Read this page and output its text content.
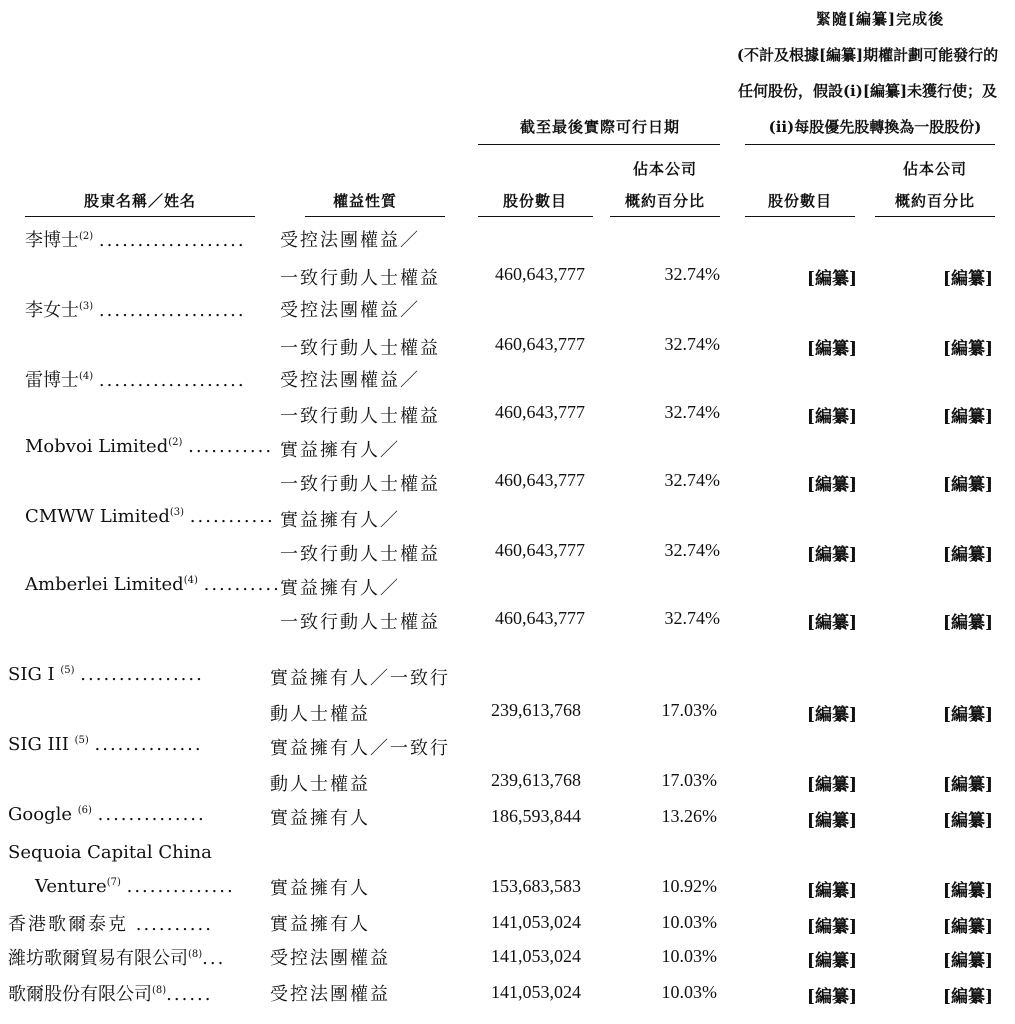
緊隨[編纂]完成後
(不計及根據[編纂]期權計劃可能發行的
任何股份，假設(i)[編纂]未獲行使；及
(ii)每股優先股轉換為一股股份)
截至最後實際可行日期
佔本公司	佔本公司
股東名稱／姓名	權益性質	股份數目	概約百分比	股份數目	概約百分比
李博士$^{(2)}$ ................... 受控法團權益／
一致行動人士權益	460,643,777	32.74%	[編纂]	[編纂]
李女士$^{(3)}$ ................... 受控法團權益／
一致行動人士權益	460,643,777	32.74%	[編纂]	[編纂]
雷博士$^{(4)}$ ................... 受控法團權益／
一致行動人士權益	460,643,777	32.74%	[編纂]	[編纂]
Mobvoi Limited$^{(2)}$ ........... 實益擁有人／
一致行動人士權益	460,643,777	32.74%	[編纂]	[編纂]
CMWW Limited$^{(3)}$ ........... 實益擁有人／
一致行動人士權益	460,643,777	32.74%	[編纂]	[編纂]
Amberlei Limited$^{(4)}$ .......... 實益擁有人／
一致行動人士權益	460,643,777	32.74%	[編纂]	[編纂]
SIG I $^{(5)}$ ................	實益擁有人／一致行
動人士權益	239,613,768	17.03%	[編纂]	[編纂]
SIG III $^{(5)}$ ..............	實益擁有人／一致行
動人士權益	239,613,768	17.03%	[編纂]	[編纂]
Google $^{(6)}$ ..............	實益擁有人	186,593,844	13.26%	[編纂]	[編纂]
Sequoia Capital China
Venture$^{(7)}$ .............. 實益擁有人	153,683,583	10.92%	[編纂]	[編纂]
香港歌爾泰克 ..........	實益擁有人	141,053,024	10.03%	[編纂]	[編纂]
濰坊歌爾貿易有限公司$^{(8)}$... 受控法團權益	141,053,024	10.03%	[編纂]	[編纂]
歌爾股份有限公司$^{(8)}$......	受控法團權益	141,053,024	10.03%	[編纂]	[編纂]
